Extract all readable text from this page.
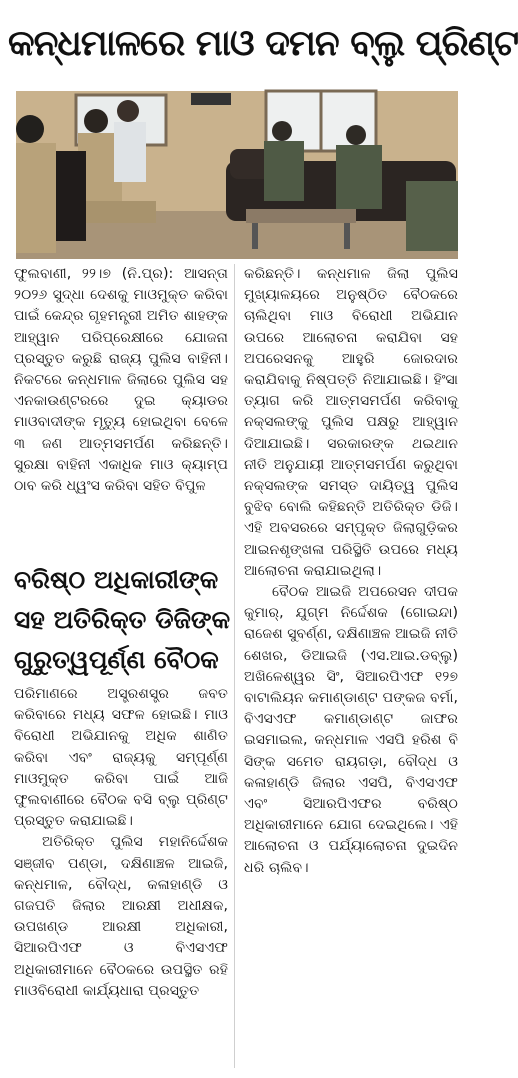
କନ୍ଧମାଳରେ ମାଓ ଦମନ ବ୍ଲୁ ପ୍ରିଣ୍ଟ

ଫୁଲବାଣୀ, ୨୨।୭ (ନି.ପ୍ର): ଆସନ୍ତା ୨୦୨୬ ସୁଦ୍ଧା ଦେଶକୁ ମାଓମୁକ୍ତ କରିବା ପାଇଁ କେନ୍ଦ୍ର ଗୃହମନ୍ତ୍ରୀ ଅମିତ ଶାହଙ୍କ ଆହ୍ୱାନ ପରିପ୍ରେକ୍ଷୀରେ ଯୋଜନା ପ୍ରସ୍ତୁତ କରୁଛି ରାଜ୍ୟ ପୁଲିସ ବାହିନୀ। ନିକଟରେ କନ୍ଧମାଳ ଜିଲାରେ ପୁଲିସ ସହ ଏନକାଉଣ୍ଟରରେ ଦୁଇ କ୍ୟାଡର ମାଓବାଦୀଙ୍କ ମୃତ୍ୟୁ ହୋଇଥିବା ବେଳେ ୩ ଜଣ ଆତ୍ମସମର୍ପଣ କରିଛନ୍ତି। ସୁରକ୍ଷା ବାହିନୀ ଏକାଧିକ ମାଓ କ୍ୟାମ୍ପ ଠାବ କରି ଧ୍ୱଂସ କରିବା ସହିତ ବିପୁଳ

ପରିମାଣରେ ଅସ୍ତ୍ରଶସ୍ତ୍ର ଜବତ କରିବାରେ ମଧ୍ୟ ସଫଳ ହୋଇଛି। ମାଓ ବିରୋଧୀ ଅଭିଯାନକୁ ଅଧିକ ଶାଣିତ କରିବା ଏବଂ ରାଜ୍ୟକୁ ସମ୍ପୂର୍ଣ୍ଣ ମାଓମୁକ୍ତ କରିବା ପାଇଁ ଆଜି ଫୁଲବାଣୀରେ ବୈଠକ ବସି ବ୍ଲୁ ପ୍ରିଣ୍ଟ ପ୍ରସ୍ତୁତ କରାଯାଇଛି।

ଅତିରିକ୍ତ ପୁଲିସ ମହାନିର୍ଦ୍ଦେଶକ ସଞ୍ଜୀବ ପଣ୍ଡା, ଦକ୍ଷିଣାଞ୍ଚଳ ଆଇଜି, କନ୍ଧମାଳ, ବୌଦ୍ଧ, କଳାହାଣ୍ଡି ଓ ଗଜପତି ଜିଲାର ଆରକ୍ଷୀ ଅଧୀକ୍ଷକ, ଉପଖଣ୍ଡ ଆରକ୍ଷୀ ଅଧିକାରୀ, ସିଆରପିଏଫ ଓ ବିଏସଏଫ ଅଧିକାରୀମାନେ ବୈଠକରେ ଉପସ୍ଥିତ ରହି ମାଓବିରୋଧୀ କାର୍ଯ୍ୟଧାରା ପ୍ରସ୍ତୁତ

ବରିଷ୍ଠ ଅଧିକାରୀଙ୍କ
ସହ ଅତିରିକ୍ତ ଡିଜିଙ୍କ
ଗୁରୁତ୍ୱପୂର୍ଣ୍ଣ ବୈଠକ

କରିଛନ୍ତି। କନ୍ଧମାଳ ଜିଲା ପୁଲିସ ମୁଖ୍ୟାଳୟରେ ଅନୁଷ୍ଠିତ ବୈଠକରେ ଚାଲିଥିବା ମାଓ ବିରୋଧୀ ଅଭିଯାନ ଉପରେ ଆଲୋଚନା କରାଯିବା ସହ ଅପରେସନକୁ ଆହୁରି ଜୋରଦାର କରାଯିବାକୁ ନିଷ୍ପତ୍ତି ନିଆଯାଇଛି। ହିଂସା ତ୍ୟାଗ କରି ଆତ୍ମସମର୍ପଣ କରିବାକୁ ନକ୍ସଲଙ୍କୁ ପୁଲିସ ପକ୍ଷରୁ ଆହ୍ୱାନ ଦିଆଯାଇଛି। ସରକାରଙ୍କ ଥଇଥାନ ନୀତି ଅନୁଯାୟୀ ଆତ୍ମସମର୍ପଣ କରୁଥିବା ନକ୍ସଲଙ୍କ ସମସ୍ତ ଦାୟିତ୍ୱ ପୁଲିସ ବୁଝିବ ବୋଲି କହିଛନ୍ତି ଅତିରିକ୍ତ ଡିଜି। ଏହି ଅବସରରେ ସମ୍ପୃକ୍ତ ଜିଲାଗୁଡ଼ିକର ଆଇନଶୃଙ୍ଖଳା ପରିସ୍ଥିତି ଉପରେ ମଧ୍ୟ ଆଲୋଚନା କରାଯାଇଥିଲା।

ବୈଠକ ଆଇଜି ଅପରେସନ ଦୀପକ କୁମାର୍, ଯୁଗ୍ମ ନିର୍ଦ୍ଦେଶକ (ଗୋଇନ୍ଦା) ରାଜେଶ ସୁବର୍ଣ୍ଣ, ଦକ୍ଷିଣାଞ୍ଚଳ ଆଇଜି ନୀତି ଶେଖର, ଡିଆଇଜି (ଏସ.ଆଇ.ଡବ୍ଲୁ) ଅଖିଳେଶ୍ୱର ସିଂ, ସିଆରପିଏଫ ୧୨୭ ବାଟାଲିୟନ କମାଣ୍ଡାଣ୍ଟ ପଙ୍କଜ ବର୍ମା, ବିଏସଏଫ କମାଣ୍ଡାଣ୍ଟ ଜାଫର ଇସମାଇଲ, କନ୍ଧମାଳ ଏସପି ହରିଶ ବି ସିଙ୍କ ସମେତ ରାୟଗଡ଼ା, ବୌଦ୍ଧ ଓ କଳାହାଣ୍ଡି ଜିଲାର ଏସପି, ବିଏସଏଫ ଏବଂ ସିଆରପିଏଫର ବରିଷ୍ଠ ଅଧିକାରୀମାନେ ଯୋଗ ଦେଇଥିଲେ। ଏହି ଆଲୋଚନା ଓ ପର୍ଯ୍ୟାଲୋଚନା ଦୁଇଦିନ ଧରି ଚାଲିବ।
